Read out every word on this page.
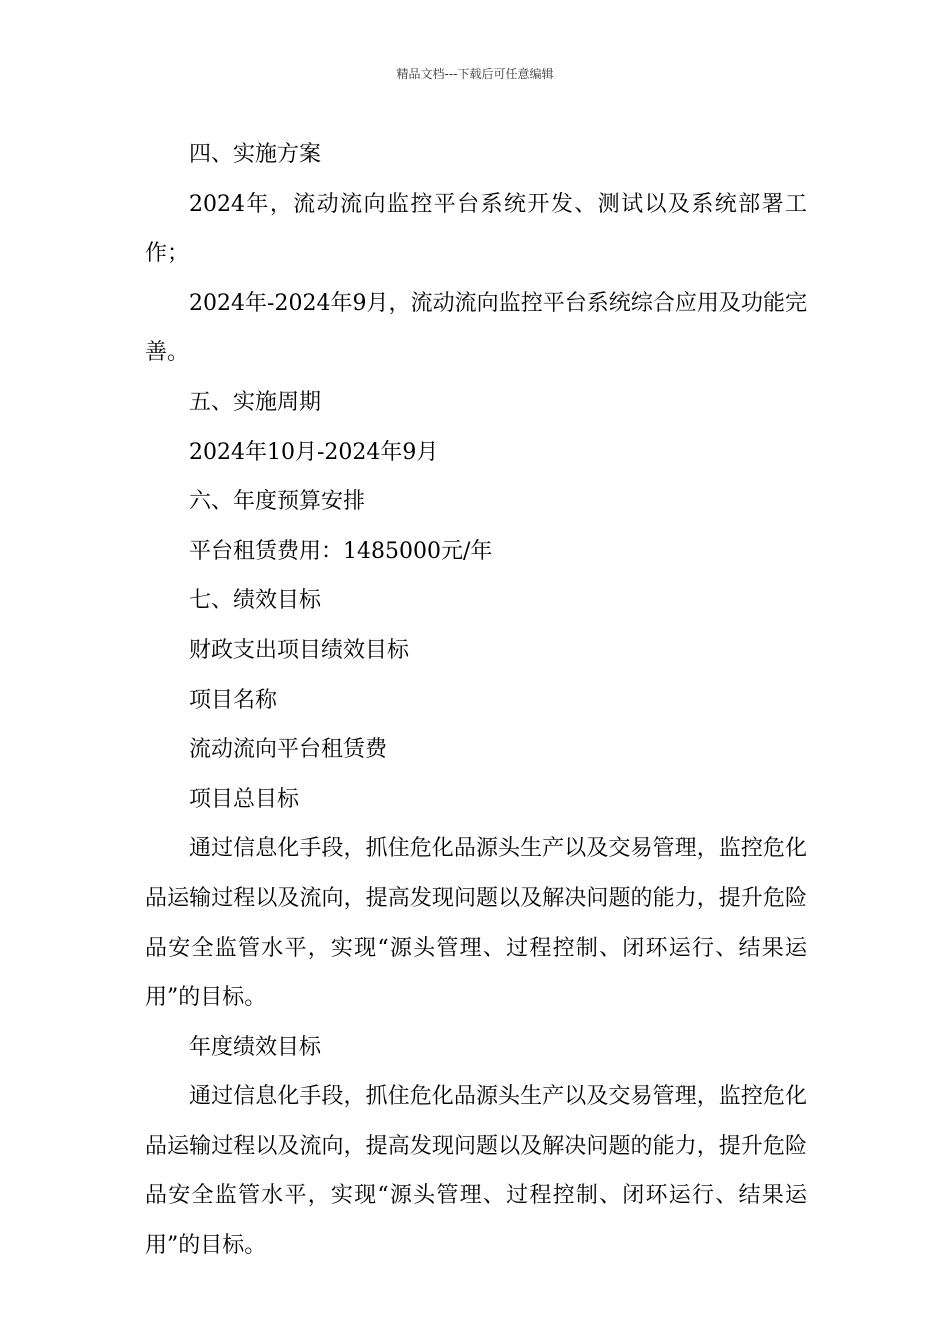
精品文档---下载后可任意编辑

四、实施方案

2024年，流动流向监控平台系统开发、测试以及系统部署工作；

2024年-2024年9月，流动流向监控平台系统综合应用及功能完善。

五、实施周期

2024年10月-2024年9月

六、年度预算安排

平台租赁费用：1485000元/年

七、绩效目标

财政支出项目绩效目标

项目名称

流动流向平台租赁费

项目总目标

通过信息化手段，抓住危化品源头生产以及交易管理，监控危化品运输过程以及流向，提高发现问题以及解决问题的能力，提升危险品安全监管水平，实现“源头管理、过程控制、闭环运行、结果运用”的目标。

年度绩效目标

通过信息化手段，抓住危化品源头生产以及交易管理，监控危化品运输过程以及流向，提高发现问题以及解决问题的能力，提升危险品安全监管水平，实现“源头管理、过程控制、闭环运行、结果运用”的目标。
